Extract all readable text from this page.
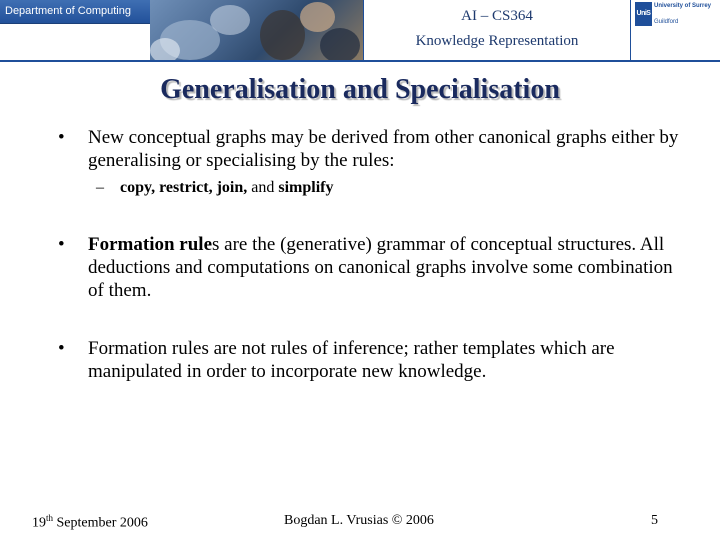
Department of Computing	AI – CS364
Knowledge Representation
UniS
University of Surrey
Guildford
Generalisation and Specialisation
• New conceptual graphs may be derived from other canonical graphs either by generalising or specialising by the rules:
– copy, restrict, join, and simplify
• Formation rules are the (generative) grammar of conceptual structures. All deductions and computations on canonical graphs involve some combination of them.
• Formation rules are not rules of inference; rather templates which are manipulated in order to incorporate new knowledge.
19th September 2006	Bogdan L. Vrusias © 2006	5
